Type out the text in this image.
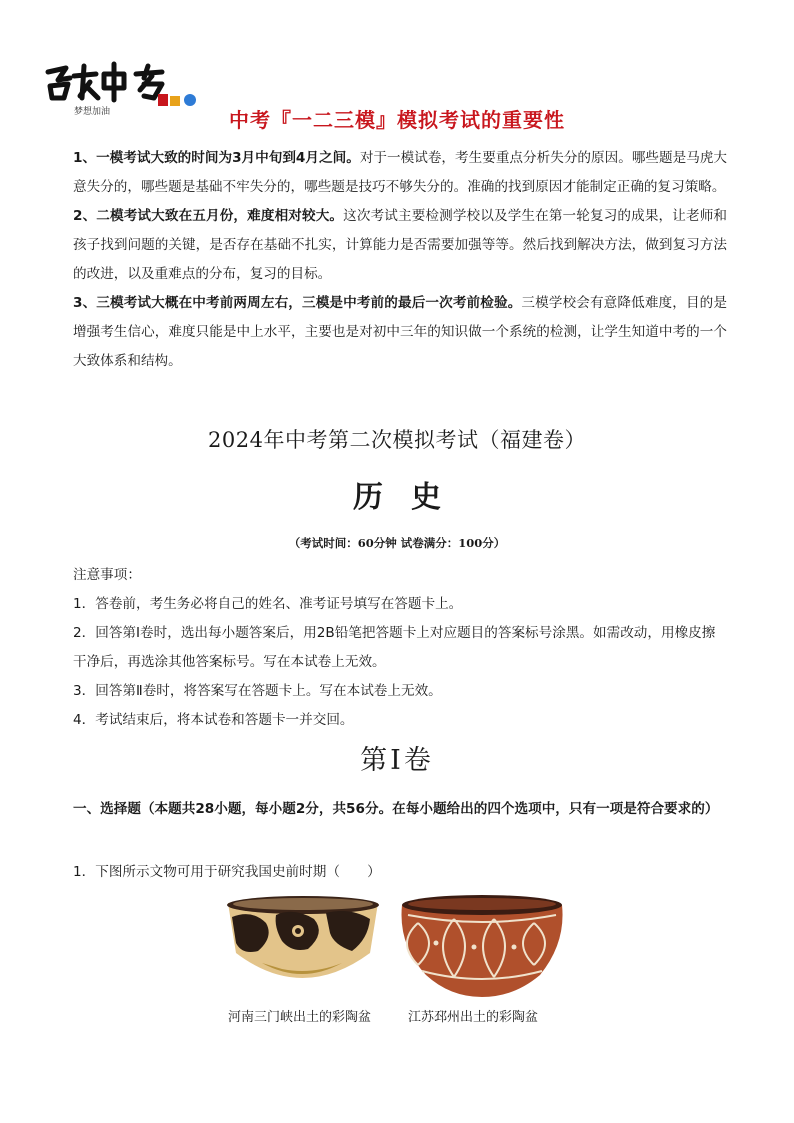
梦想加油	中考『一二三模』模拟考试的重要性

1、一模考试大致的时间为3月中旬到4月之间。对于一模试卷，考生要重点分析失分的原因。哪些题是马虎大意失分的，哪些题是基础不牢失分的，哪些题是技巧不够失分的。准确的找到原因才能制定正确的复习策略。

2、二模考试大致在五月份，难度相对较大。这次考试主要检测学校以及学生在第一轮复习的成果，让老师和孩子找到问题的关键，是否存在基础不扎实，计算能力是否需要加强等等。然后找到解决方法，做到复习方法的改进，以及重难点的分布，复习的目标。

3、三模考试大概在中考前两周左右，三模是中考前的最后一次考前检验。三模学校会有意降低难度，目的是增强考生信心，难度只能是中上水平，主要也是对初中三年的知识做一个系统的检测，让学生知道中考的一个大致体系和结构。

2024年中考第二次模拟考试（福建卷）
历史
（考试时间：60分钟 试卷满分：100分）

注意事项：

1．答卷前，考生务必将自己的姓名、准考证号填写在答题卡上。

2．回答第Ⅰ卷时，选出每小题答案后，用2B铅笔把答题卡上对应题目的答案标号涂黑。如需改动，用橡皮擦干净后，再选涂其他答案标号。写在本试卷上无效。

3．回答第Ⅱ卷时，将答案写在答题卡上。写在本试卷上无效。

4．考试结束后，将本试卷和答题卡一并交回。

第Ⅰ卷

一、选择题（本题共28小题，每小题2分，共56分。在每小题给出的四个选项中，只有一项是符合要求的）

1．下图所示文物可用于研究我国史前时期（　　）
河南三门峡出土的彩陶盆	江苏邳州出土的彩陶盆
